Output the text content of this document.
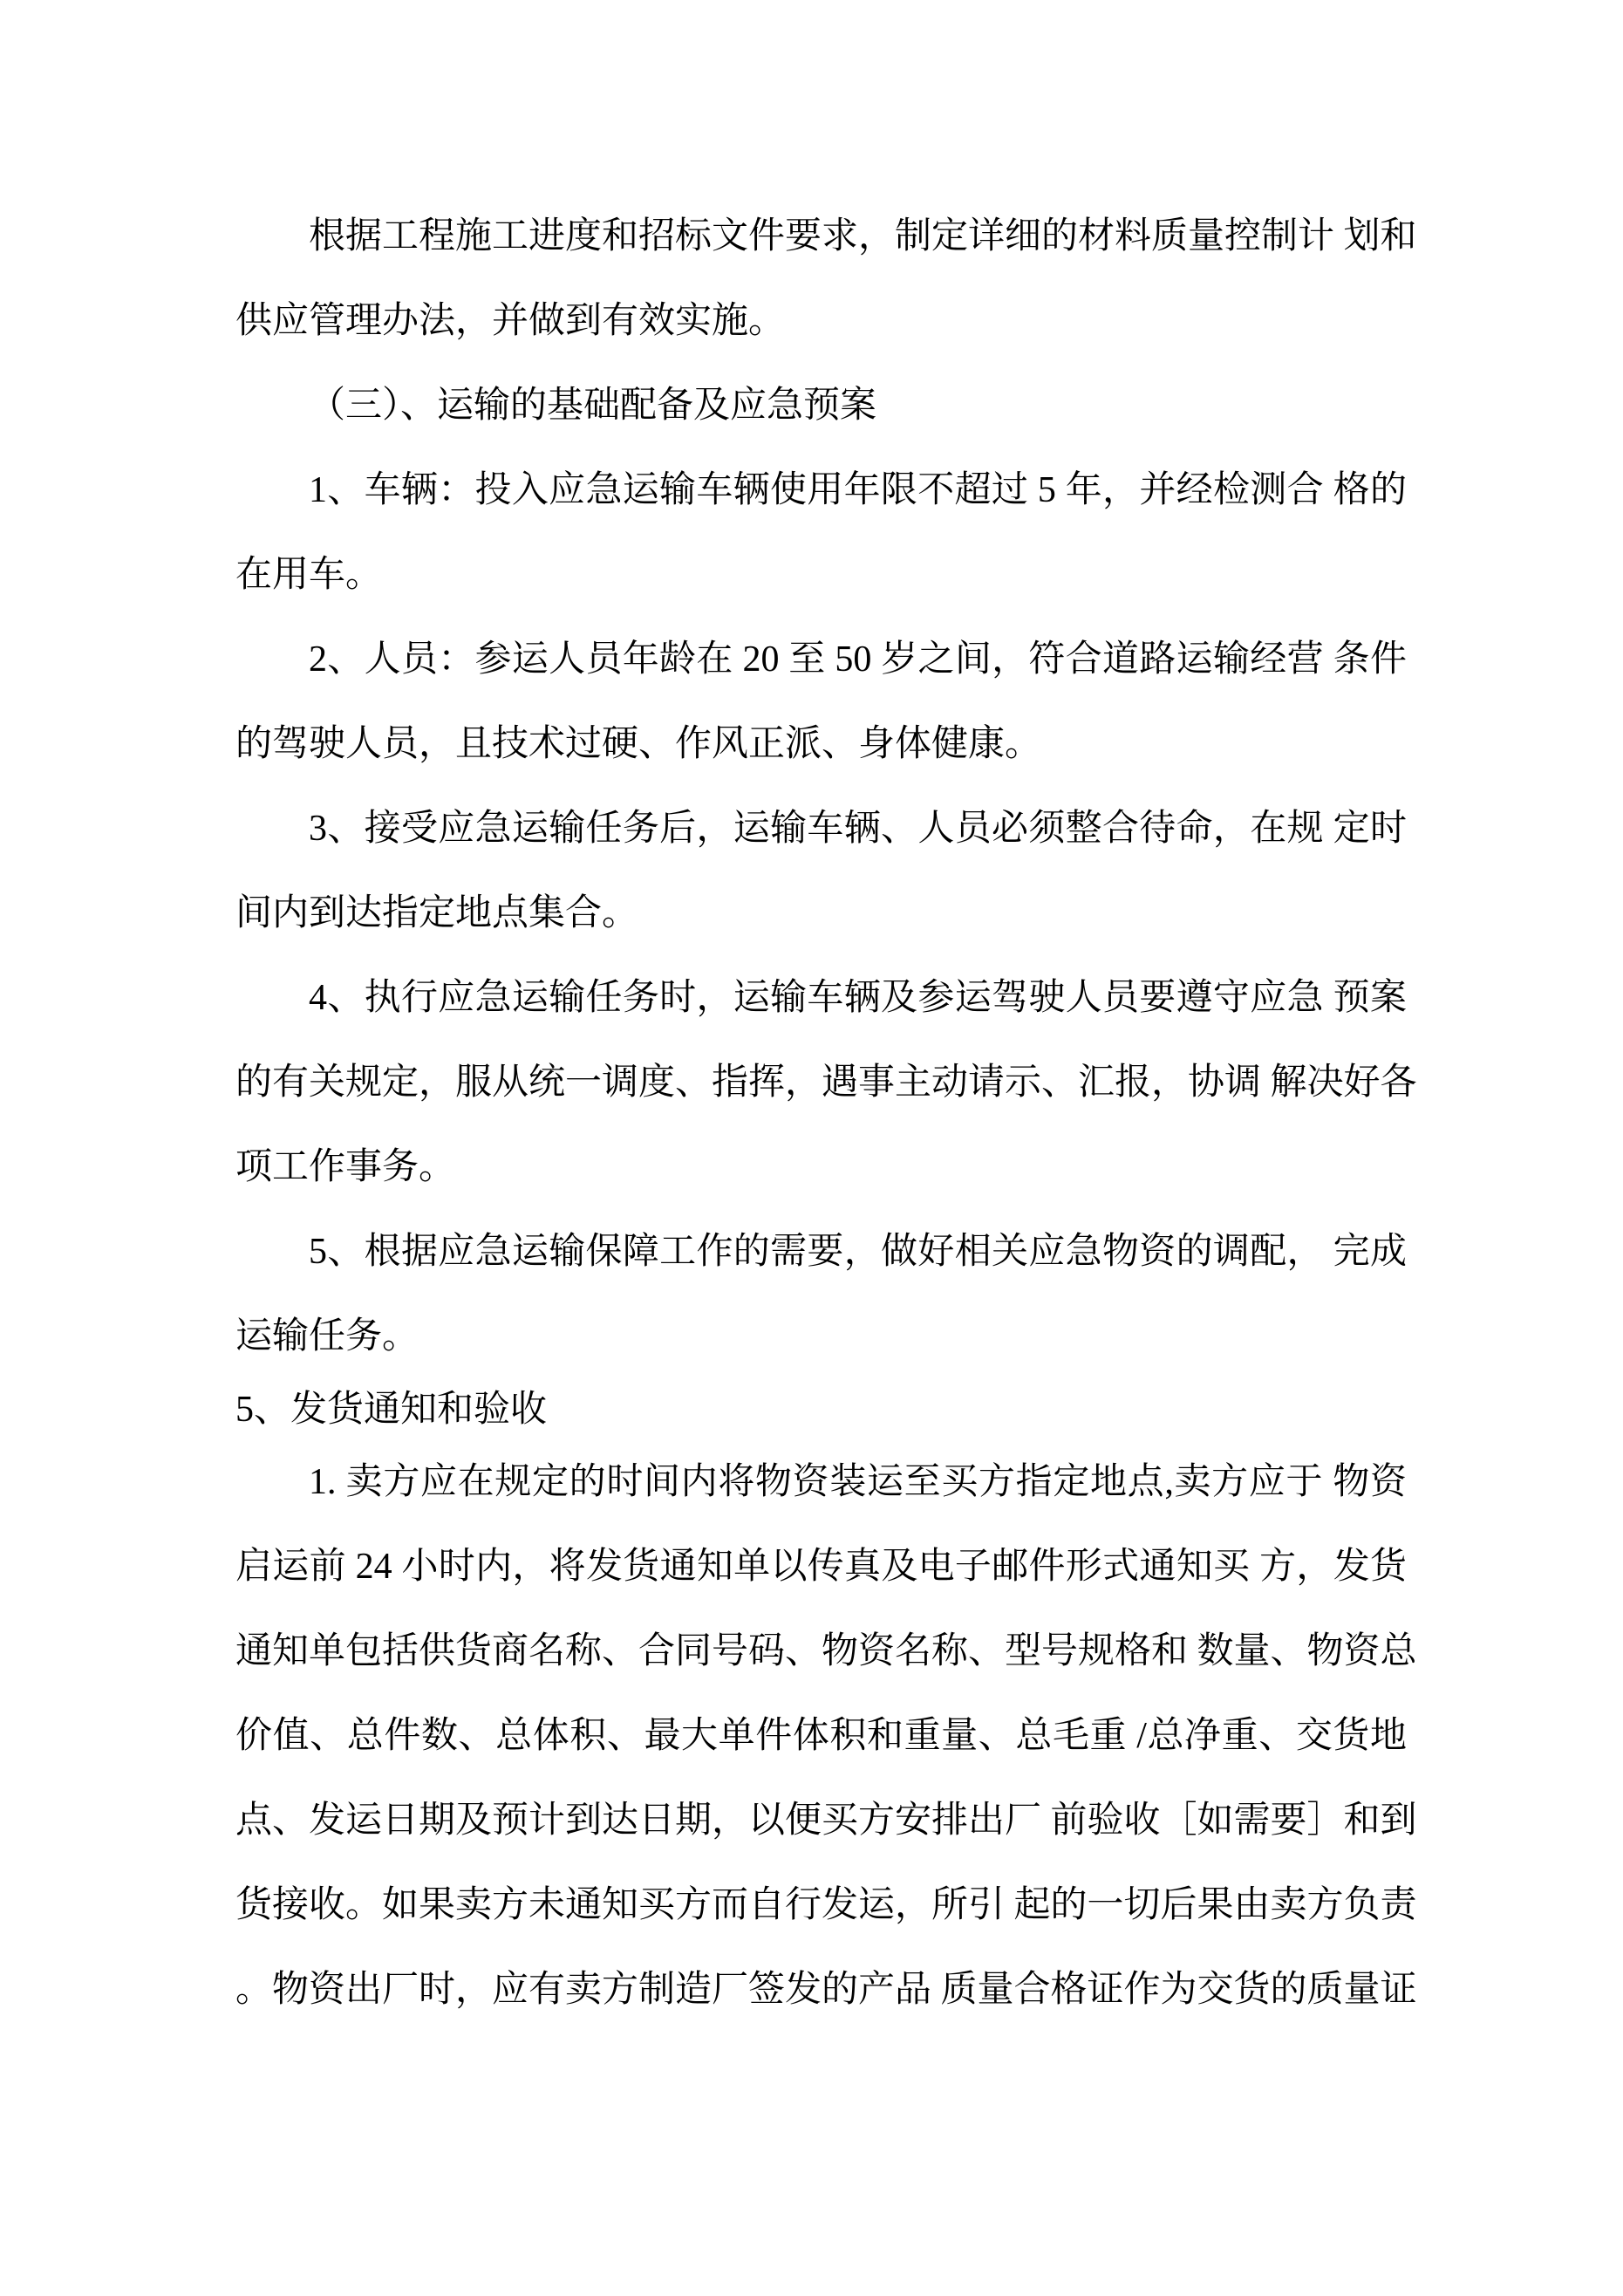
根据工程施工进度和招标文件要求，制定详细的材料质量控制计 划和
供应管理办法，并做到有效实施。
（三）、运输的基础配备及应急预案
1、车辆：投入应急运输车辆使用年限不超过 5 年，并经检测合 格的
在用车。
2、人员：参运人员年龄在 20 至 50 岁之间，符合道路运输经营 条件
的驾驶人员，且技术过硬、作风正派、身体健康。
3、接受应急运输任务后，运输车辆、人员必须整合待命，在规 定时
间内到达指定地点集合。
4、执行应急运输任务时，运输车辆及参运驾驶人员要遵守应急 预案
的有关规定，服从统一调度、指挥，遇事主动请示、汇报，协调 解决好各
项工作事务。
5、根据应急运输保障工作的需要，做好相关应急物资的调配， 完成
运输任务。
5、发货通知和验收
1. 卖方应在规定的时间内将物资装运至买方指定地点,卖方应于 物资
启运前 24 小时内，将发货通知单以传真及电子邮件形式通知买 方，发货
通知单包括供货商名称、合同号码、物资名称、型号规格和 数量、物资总
价值、总件数、总体积、最大单件体积和重量、总毛重 /总净重、交货地
点、发运日期及预计到达日期，以便买方安排出厂 前验收［如需要］和到
货接收。如果卖方未通知买方而自行发运，所引 起的一切后果由卖方负责
。物资出厂时，应有卖方制造厂签发的产品 质量合格证作为交货的质量证
